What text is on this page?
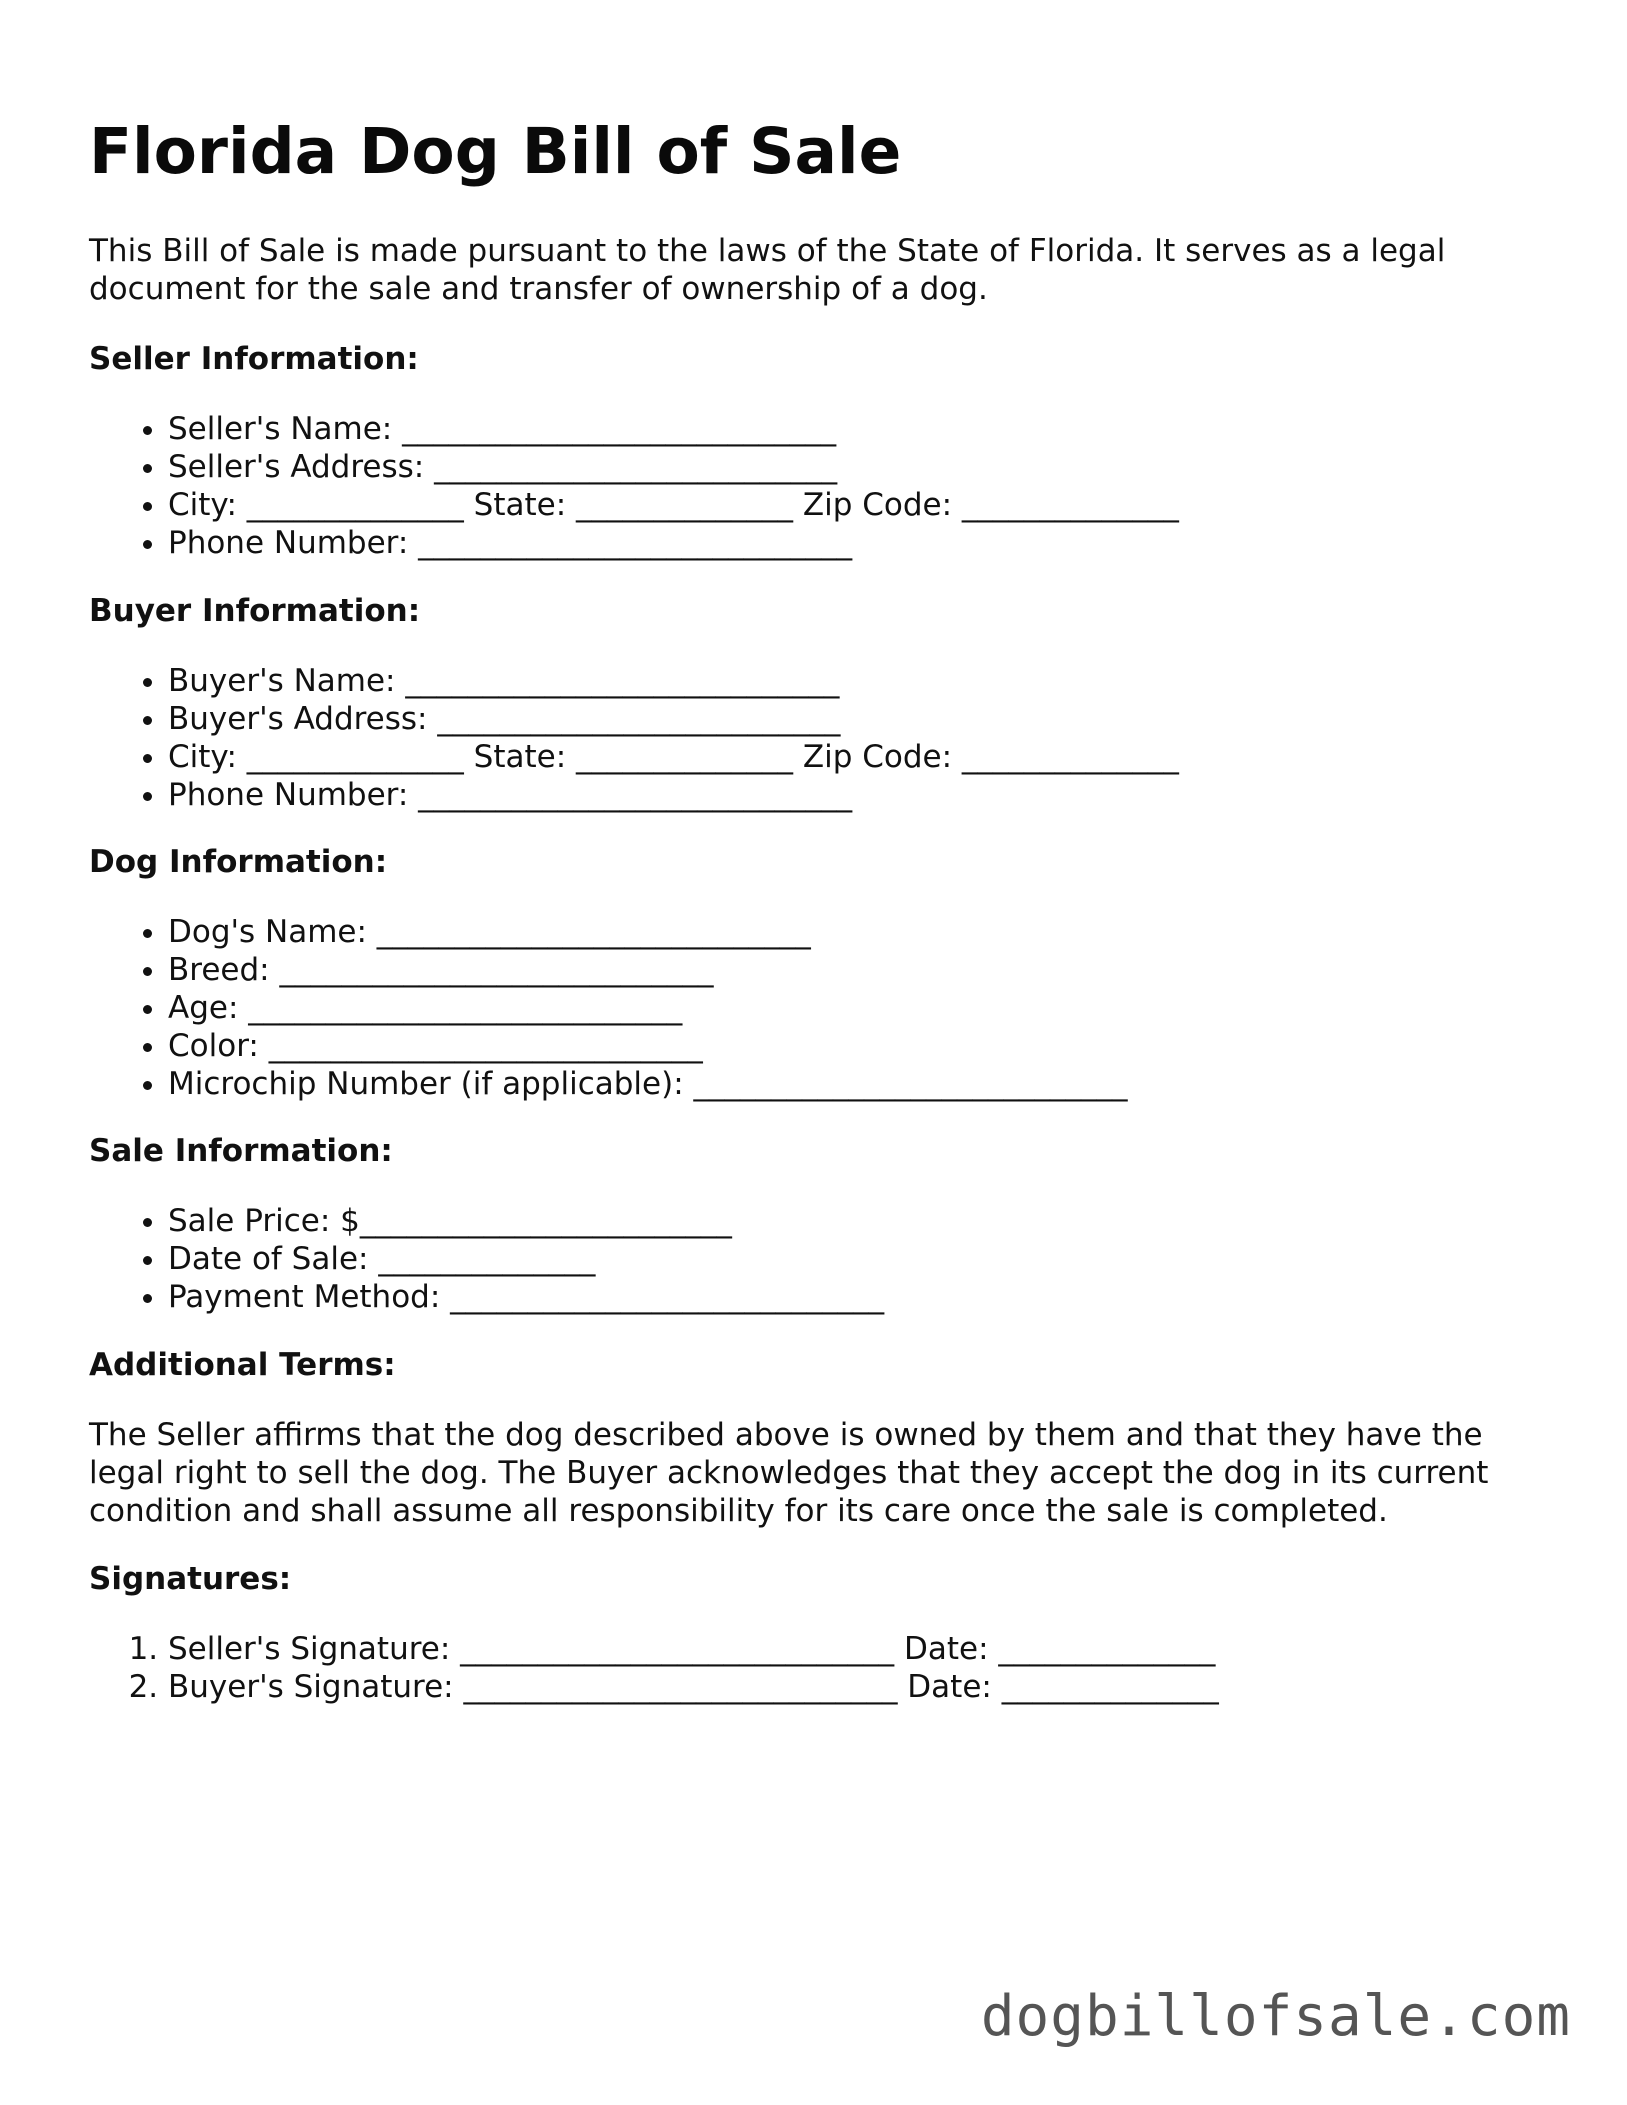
Florida Dog Bill of Sale

This Bill of Sale is made pursuant to the laws of the State of Florida. It serves as a legal document for the sale and transfer of ownership of a dog.

Seller Information:
• Seller's Name: ____________________________
• Seller's Address: __________________________
• City: ______________ State: ______________ Zip Code: ______________
• Phone Number: ____________________________
Buyer Information:
• Buyer's Name: ____________________________
• Buyer's Address: __________________________
• City: ______________ State: ______________ Zip Code: ______________
• Phone Number: ____________________________
Dog Information:
• Dog's Name: ____________________________
• Breed: ____________________________
• Age: ____________________________
• Color: ____________________________
• Microchip Number (if applicable): ____________________________
Sale Information:
• Sale Price: $________________________
• Date of Sale: ______________
• Payment Method: ____________________________
Additional Terms:

The Seller affirms that the dog described above is owned by them and that they have the legal right to sell the dog. The Buyer acknowledges that they accept the dog in its current condition and shall assume all responsibility for its care once the sale is completed.

Signatures:
1. Seller's Signature: ____________________________ Date: ______________
2. Buyer's Signature: ____________________________ Date: ______________
dogbillofsale.com
